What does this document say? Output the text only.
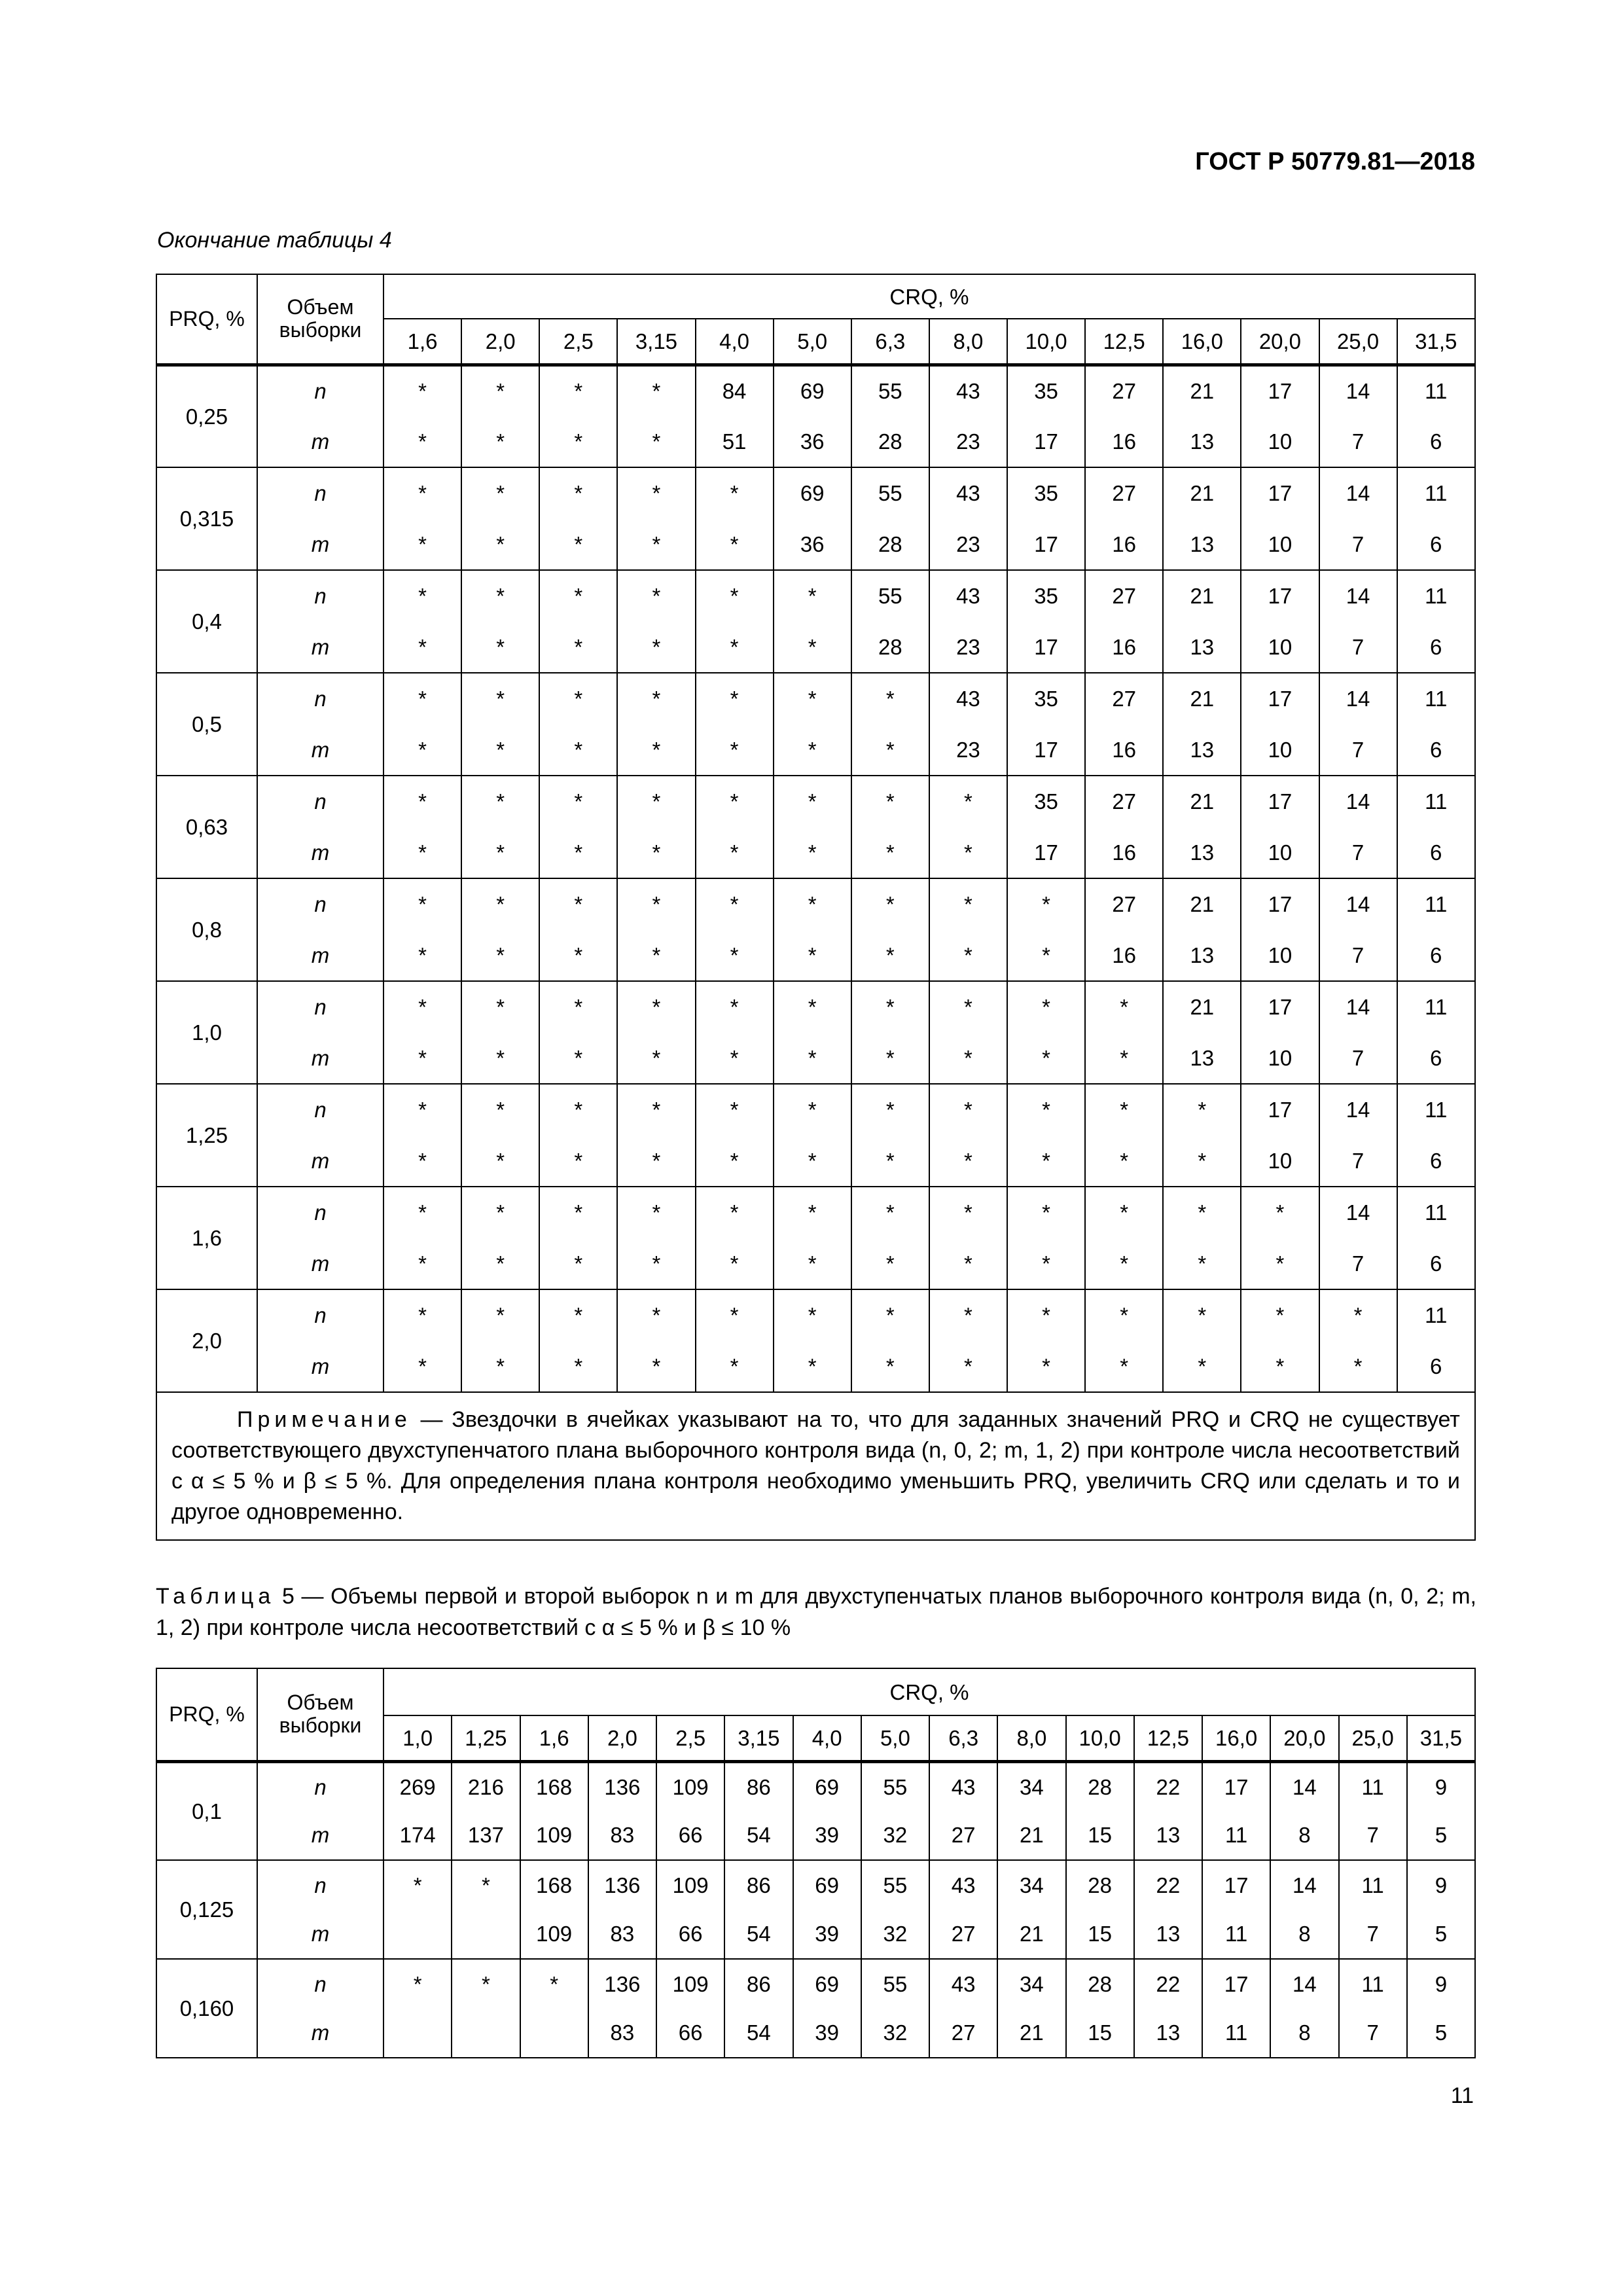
ГОСТ Р 50779.81—2018
Окончание таблицы 4
PRQ, %	Объем выборки	CRQ, %													
		1,6	2,0	2,5	3,15	4,0	5,0	6,3	8,0	10,0	12,5	16,0	20,0	25,0	31,5
0,25	n	*	*	*	*	84	69	55	43	35	27	21	17	14	11
	m	*	*	*	*	51	36	28	23	17	16	13	10	7	6
0,315	n	*	*	*	*	*	69	55	43	35	27	21	17	14	11
	m	*	*	*	*	*	36	28	23	17	16	13	10	7	6
0,4	n	*	*	*	*	*	*	55	43	35	27	21	17	14	11
	m	*	*	*	*	*	*	28	23	17	16	13	10	7	6
0,5	n	*	*	*	*	*	*	*	43	35	27	21	17	14	11
	m	*	*	*	*	*	*	*	23	17	16	13	10	7	6
0,63	n	*	*	*	*	*	*	*	*	35	27	21	17	14	11
	m	*	*	*	*	*	*	*	*	17	16	13	10	7	6
0,8	n	*	*	*	*	*	*	*	*	*	27	21	17	14	11
	m	*	*	*	*	*	*	*	*	*	16	13	10	7	6
1,0	n	*	*	*	*	*	*	*	*	*	*	21	17	14	11
	m	*	*	*	*	*	*	*	*	*	*	13	10	7	6
1,25	n	*	*	*	*	*	*	*	*	*	*	*	17	14	11
	m	*	*	*	*	*	*	*	*	*	*	*	10	7	6
1,6	n	*	*	*	*	*	*	*	*	*	*	*	*	14	11
	m	*	*	*	*	*	*	*	*	*	*	*	*	7	6
2,0	n	*	*	*	*	*	*	*	*	*	*	*	*	*	11
	m	*	*	*	*	*	*	*	*	*	*	*	*	*	6

Примечание — Звездочки в ячейках указывают на то, что для заданных значений PRQ и CRQ не существует соответствующего двухступенчатого плана выборочного контроля вида (n, 0, 2; m, 1, 2) при контроле числа несоответствий с α ≤ 5 % и β ≤ 5 %. Для определения плана контроля необходимо уменьшить PRQ, увеличить CRQ или сделать и то и другое одновременно.															
Таблица 5 — Объемы первой и второй выборок n и m для двухступенчатых планов выборочного контроля вида (n, 0, 2; m, 1, 2) при контроле числа несоответствий с α ≤ 5 % и β ≤ 10 %
PRQ, %	Объем выборки	CRQ, %															
		1,0	1,25	1,6	2,0	2,5	3,15	4,0	5,0	6,3	8,0	10,0	12,5	16,0	20,0	25,0	31,5
0,1	n	269	216	168	136	109	86	69	55	43	34	28	22	17	14	11	9
	m	174	137	109	83	66	54	39	32	27	21	15	13	11	8	7	5
0,125	n	*	*	168	136	109	86	69	55	43	34	28	22	17	14	11	9
	m			109	83	66	54	39	32	27	21	15	13	11	8	7	5
0,160	n	*	*	*	136	109	86	69	55	43	34	28	22	17	14	11	9
	m				83	66	54	39	32	27	21	15	13	11	8	7	5
11
